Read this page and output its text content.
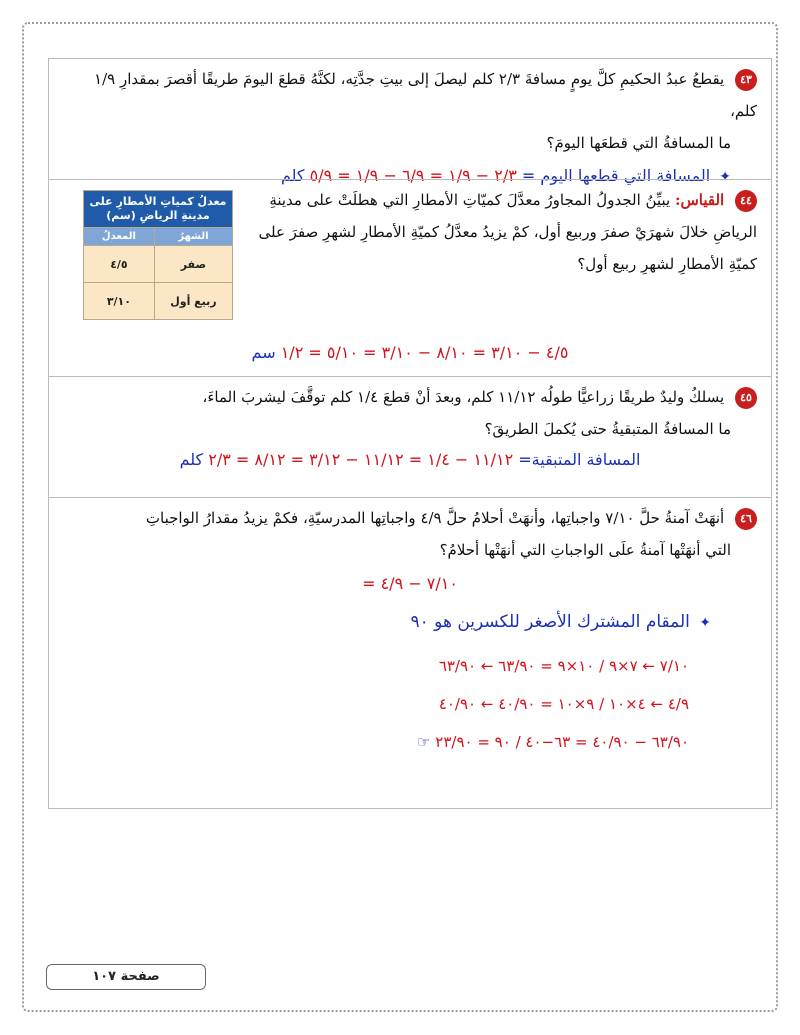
٤٣ يقطعُ عبدُ الحكيمِ كلَّ يومٍ مسافةَ ٢/٣ كلم ليصلَ إلى بيتِ جدَّتِه، لكنَّهُ قطعَ اليومَ طريقًا أقصرَ بمقدارِ ١/٩ كلم،
ما المسافةُ التي قطعَها اليومَ؟
✦ المسافة التي قطعها اليوم = ٢/٣ − ١/٩ = ٦/٩ − ١/٩ = ٥/٩ كلم
٤٤ القياس: يبيِّنُ الجدولُ المجاورُ معدَّلَ كميّاتِ الأمطارِ التي هطلَتْ على مدينةِ الرياضِ خلالَ شهرَيْ صفرَ وربيع أول، كمْ يزيدُ معدَّلُ كميّةِ الأمطارِ لشهرِ صفرَ على كميّةِ الأمطارِ لشهرِ ربيع أول؟
معدلُ كمياتِ الأمطارِ على مدينةِ الرياضِ (سم)	
الشهرُ	المعدلُ
صفر	٤/٥
ربيع أول	٣/١٠
٤/٥ − ٣/١٠ = ٨/١٠ − ٣/١٠ = ٥/١٠ = ١/٢ سم
٤٥ يسلكُ وليدٌ طريقًا زراعيًّا طولُه ١١/١٢ كلم، وبعدَ أنْ قطعَ ١/٤ كلم توقَّفَ ليشربَ الماءَ،
ما المسافةُ المتبقيةُ حتى يُكملَ الطريقَ؟
المسافة المتبقية= ١١/١٢ − ١/٤ = ١١/١٢ − ٣/١٢ = ٨/١٢ = ٢/٣ كلم
٤٦ أنهَتْ آمنةُ حلَّ ٧/١٠ واجباتِها، وأنهَتْ أحلامُ حلَّ ٤/٩ واجباتِها المدرسيّةِ، فكمْ يزيدُ مقدارُ الواجباتِ
التي أنهَتْها آمنةُ علَى الواجباتِ التي أنهَتْها أحلامُ؟
٧/١٠ − ٤/٩ =
✦ المقام المشترك الأصغر للكسرين هو ٩٠
٧/١٠ ← ٧×٩ / ١٠×٩ = ٦٣/٩٠ ← ٦٣/٩٠
٤/٩ ← ٤×١٠ / ٩×١٠ = ٤٠/٩٠ ← ٤٠/٩٠
٦٣/٩٠ − ٤٠/٩٠ = ٦٣−٤٠ / ٩٠ = ٢٣/٩٠ ☞
صفحة ١٠٧
